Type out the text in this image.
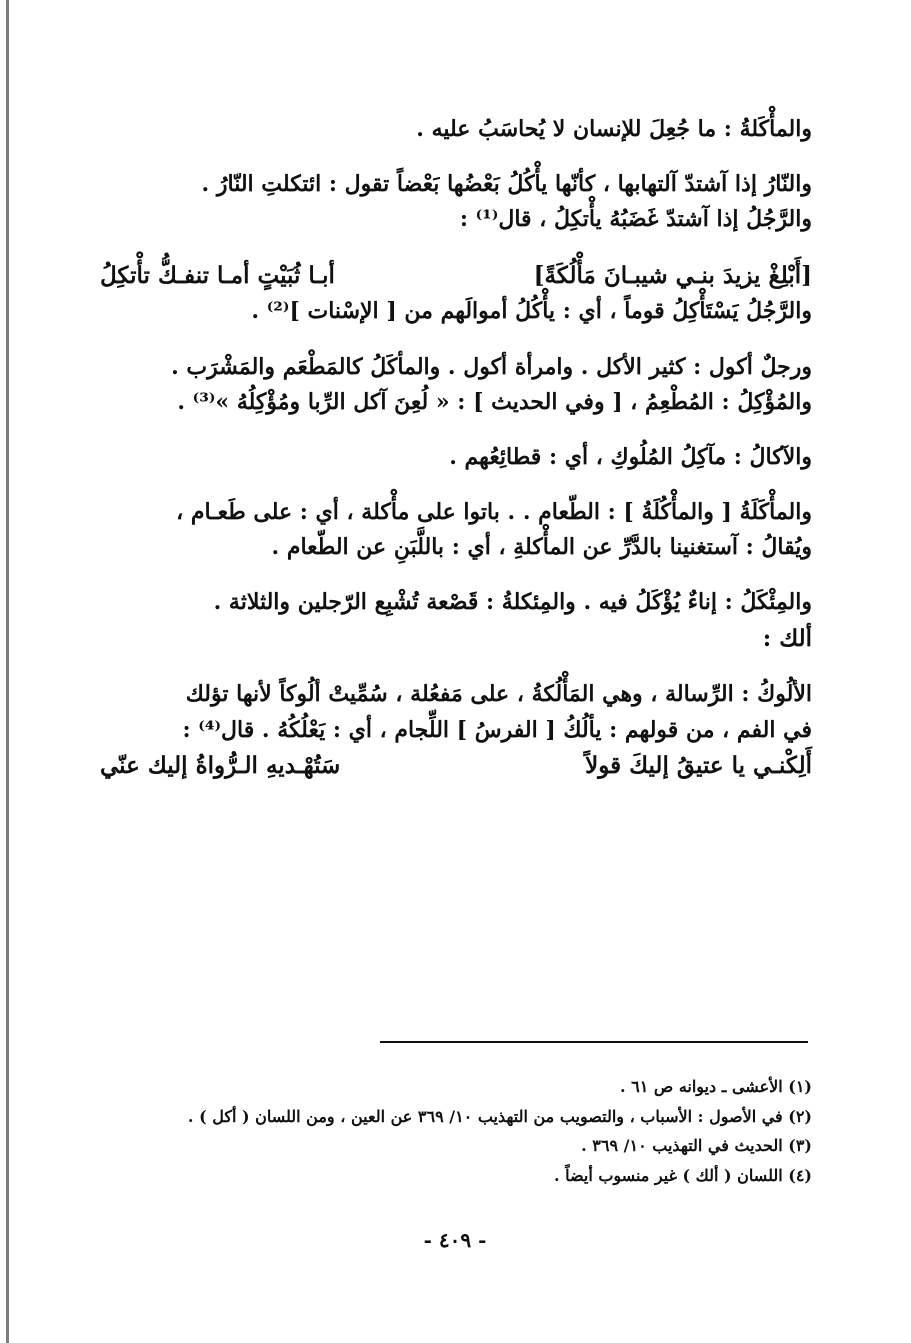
والمأْكَلةُ : ما جُعِلَ للإنسان لا يُحاسَبُ عليه .

والنّارُ إذا آشتدّ آلتهابها ، كأنّها يأْكُلُ بَعْضُها بَعْضاً تقول : ائتكلتِ النّارُ .

والرَّجُلُ إذا آشتدّ غَضَبُهُ يأْتكِلُ ، قال⁽¹⁾ :

[أَبْلِغْ يزيدَ بنـي شيبـانَ مَأْلُكَةً]
أبـا ثُبَيْتٍ أمـا تنفـكُّ تأْتكِلُ

والرَّجُلُ يَسْتَأْكِلُ قوماً ، أي : يأْكُلُ أموالَهم من [ الإسْنات ]⁽²⁾ .

ورجلٌ أكول : كثير الأكل . وامرأة أكول . والمأكَلُ كالمَطْعَم والمَشْرَب .

والمُؤْكِلُ : المُطْعِمُ ، [ وفي الحديث ] : « لُعِنَ آكل الرِّبا ومُؤْكِلُهُ »⁽³⁾ .

والآكالُ : مآكِلُ المُلُوكِ ، أي : قطائِعُهم .

والمأْكَلَةُ [ والمأْكُلَةُ ] : الطّعام . . باتوا على مأْكلة ، أي : على طَعـام ،

ويُقالُ : آستغنينا بالدَّرِّ عن المأْكلةِ ، أي : باللَّبَنِ عن الطّعام .

والمِئْكَلُ : إناءٌ يُؤْكَلُ فيه . والمِئكلةُ : قَصْعة تُشْبِع الرّجلين والثلاثة .

ألك :

الألُوكُ : الرِّسالة ، وهي المَأْلُكةُ ، على مَفعُلة ، سُمِّيتْ ألُوكاً لأنها تؤلك

في الفم ، من قولهم : يألُكُ [ الفرسُ ] اللِّجام ، أي : يَعْلُكُهُ . قال⁽⁴⁾ :

أَلِكْنـي يا عتيقُ إليكَ قولاً
سَتُهْـديهِ الـرُّواةُ إليك عنّي

(١) الأعشى ـ ديوانه ص ٦١ .

(٢) في الأصول : الأسباب ، والتصويب من التهذيب ١٠/ ٣٦٩ عن العين ، ومن اللسان ( أكل ) .

(٣) الحديث في التهذيب ١٠/ ٣٦٩ .

(٤) اللسان ( ألك ) غير منسوب أيضاً .

- ٤٠٩ -
